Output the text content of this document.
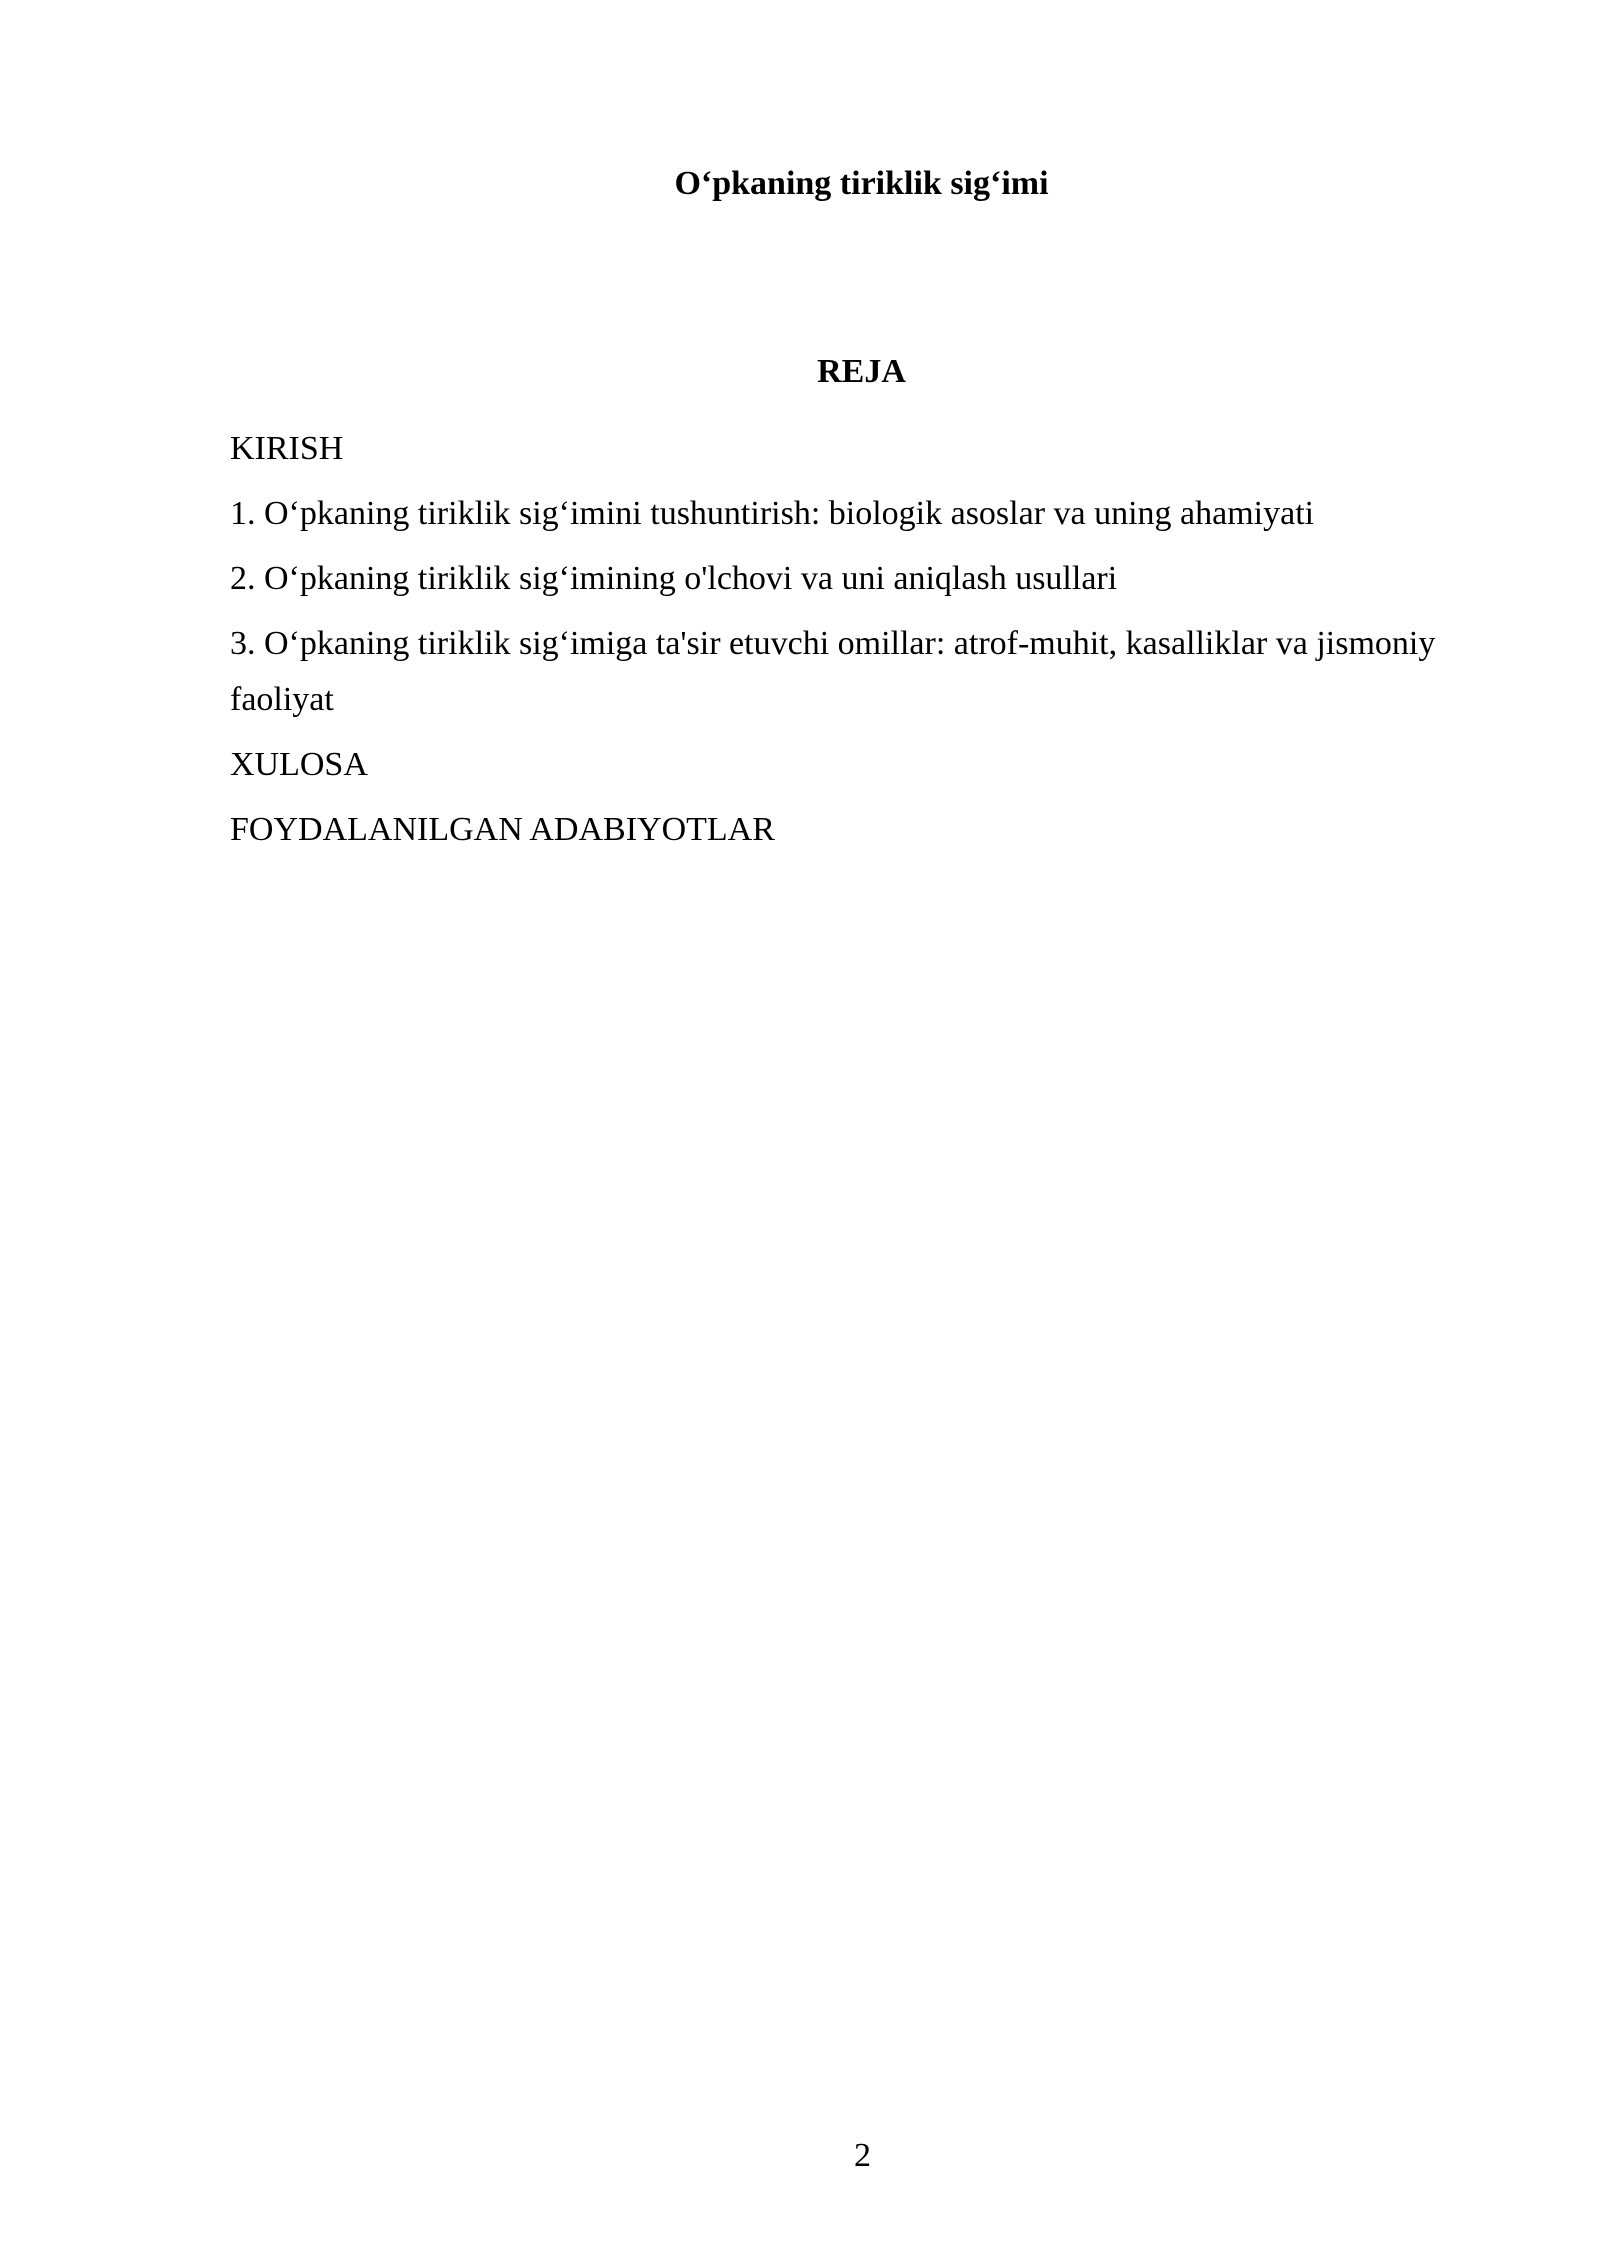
O‘pkaning tiriklik sig‘imi
REJA
KIRISH
1. O‘pkaning tiriklik sig‘imini tushuntirish: biologik asoslar va uning ahamiyati
2. O‘pkaning tiriklik sig‘imining o'lchovi va uni aniqlash usullari
3. O‘pkaning tiriklik sig‘imiga ta'sir etuvchi omillar: atrof-muhit, kasalliklar va jismoniy faoliyat
XULOSA
FOYDALANILGAN ADABIYOTLAR

2
